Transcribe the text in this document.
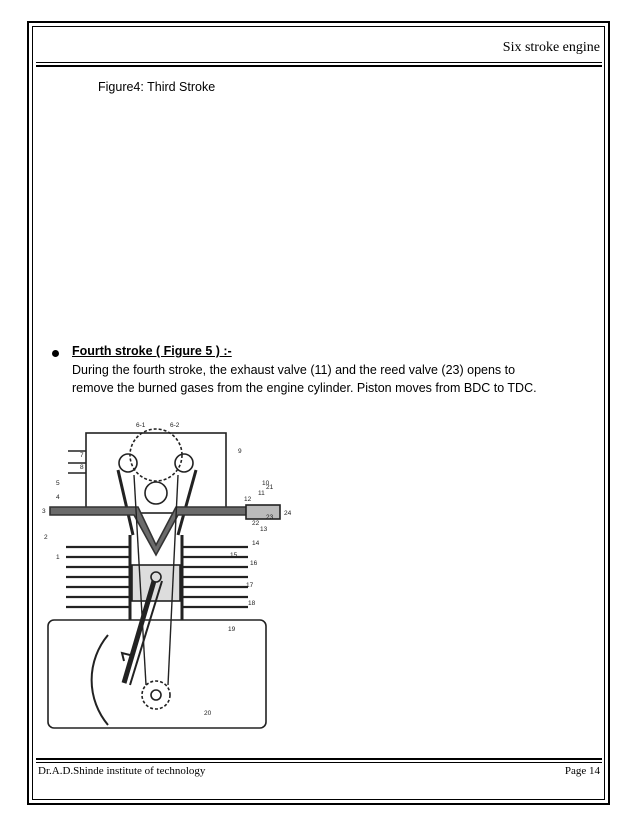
Six stroke engine
Figure4: Third Stroke
Fourth stroke ( Figure 5 ) :-
During the fourth stroke, the exhaust valve (11) and the reed valve (23) opens to
remove the burned gases from the engine cylinder. Piston moves from BDC to TDC.
6-1	6-2
9
7
8
5
4
3
2
1
10
11
12
13
14
15
16
17
18
19
20
21
22
23
24
Dr.A.D.Shinde institute of technology	Page 14
